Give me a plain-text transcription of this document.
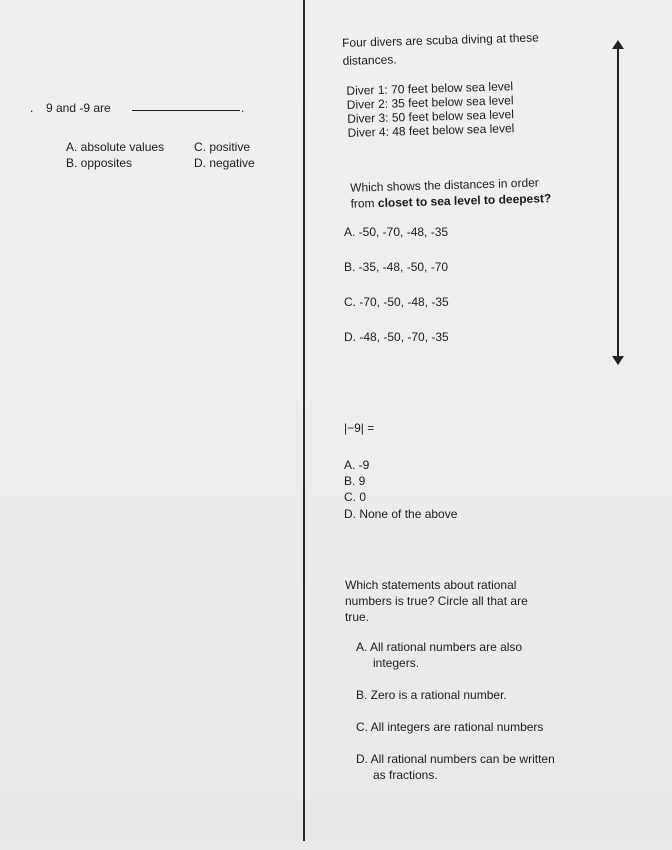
. 9 and -9 are	.
A. absolute values
B. opposites
C. positive
D. negative
Four divers are scuba diving at these
distances.
Diver 1: 70 feet below sea level
Diver 2: 35 feet below sea level
Diver 3: 50 feet below sea level
Diver 4: 48 feet below sea level
Which shows the distances in order
from closet to sea level to deepest?
A. -50, -70, -48, -35
B. -35, -48, -50, -70
C. -70, -50, -48, -35
D. -48, -50, -70, -35
|−9| =
A. -9
B. 9
C. 0
D. None of the above
Which statements about rational
numbers is true? Circle all that are
true.
A. All rational numbers are also
integers.
B. Zero is a rational number.
C. All integers are rational numbers
D. All rational numbers can be written
as fractions.
